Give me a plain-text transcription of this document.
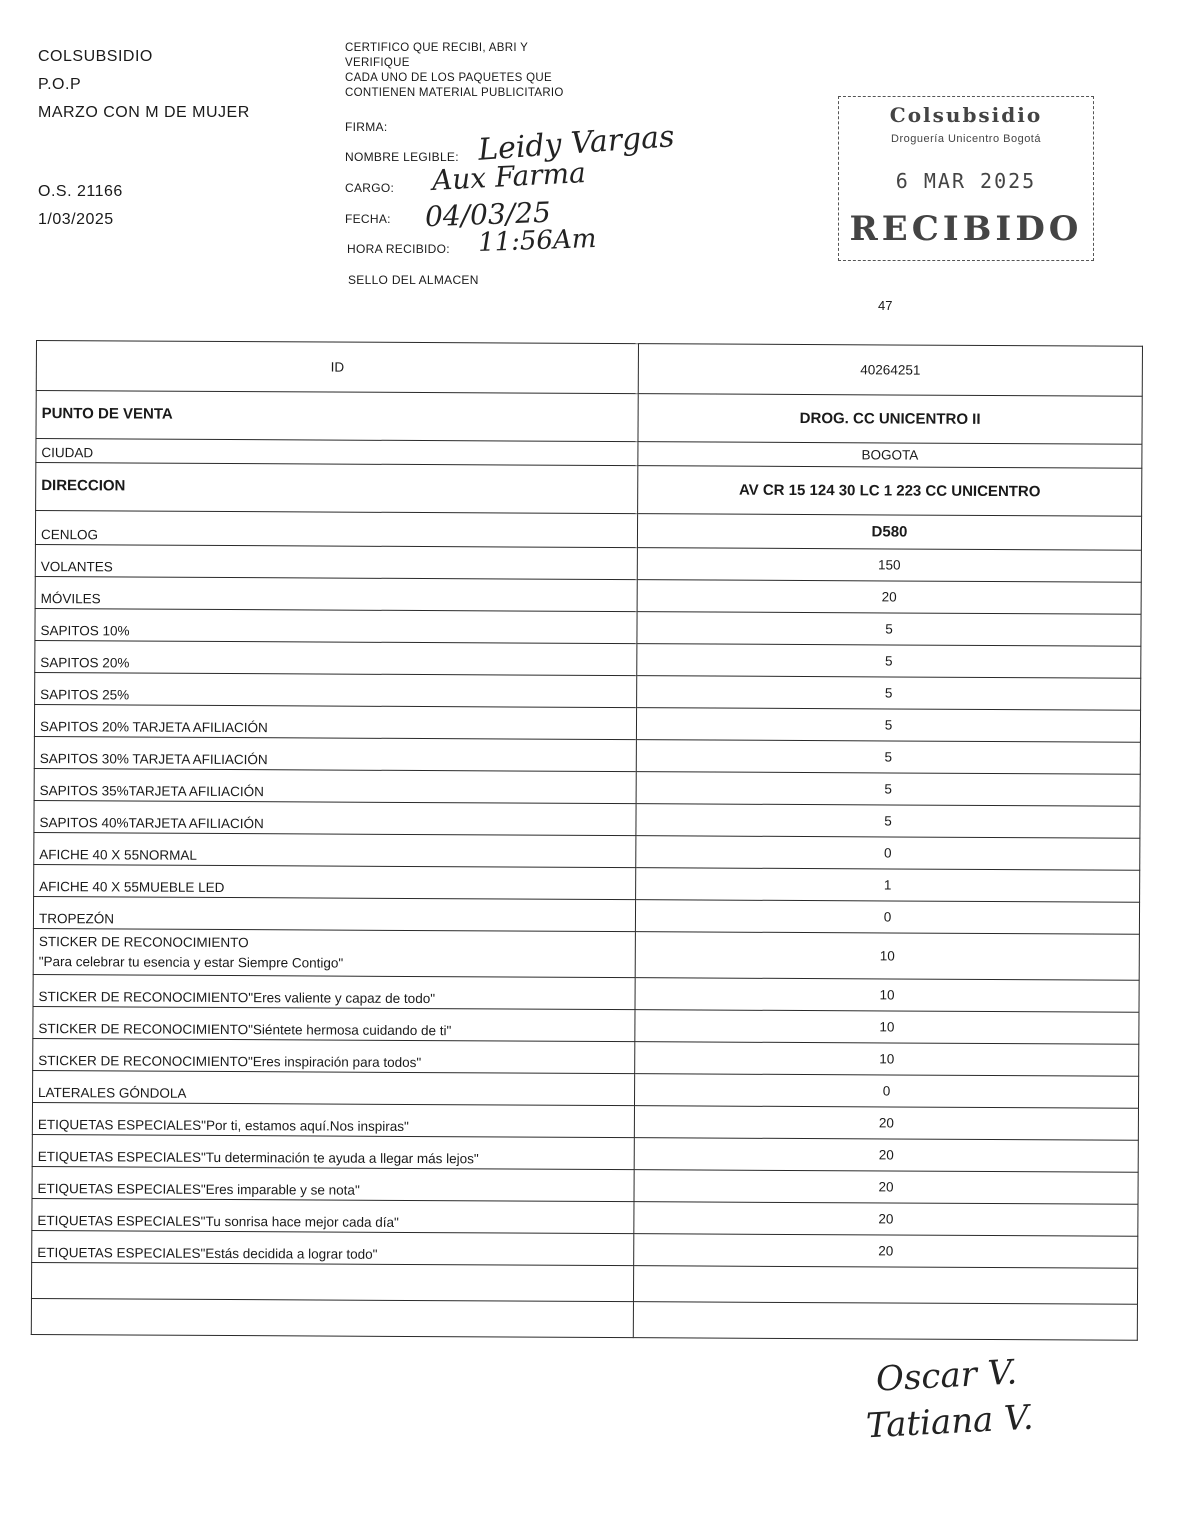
COLSUBSIDIO
P.O.P
MARZO CON M DE MUJER
O.S. 21166
1/03/2025
CERTIFICO QUE RECIBI, ABRI Y
VERIFIQUE
CADA UNO DE LOS PAQUETES QUE
CONTIENEN MATERIAL PUBLICITARIO
FIRMA:
NOMBRE LEGIBLE: Leidy Vargas
CARGO: Aux Farma
FECHA: 04/03/25
HORA RECIBIDO: 11:56Am
SELLO DEL ALMACEN
Colsubsidio
Droguería Unicentro Bogotá
6 MAR 2025
RECIBIDO
47
ID	40264251
PUNTO DE VENTA	DROG. CC UNICENTRO II
CIUDAD	BOGOTA
DIRECCION	AV CR 15 124 30 LC 1 223 CC UNICENTRO
CENLOG	D580
VOLANTES	150
MÓVILES	20
SAPITOS 10%	5
SAPITOS 20%	5
SAPITOS 25%	5
SAPITOS 20% TARJETA AFILIACIÓN	5
SAPITOS 30% TARJETA AFILIACIÓN	5
SAPITOS 35%TARJETA AFILIACIÓN	5
SAPITOS 40%TARJETA AFILIACIÓN	5
AFICHE 40 X 55NORMAL	0
AFICHE 40 X 55MUEBLE LED	1
TROPEZÓN	0

STICKER DE RECONOCIMIENTO
"Para celebrar tu esencia y estar Siempre Contigo"	10
STICKER DE RECONOCIMIENTO"Eres valiente y capaz de todo"	10
STICKER DE RECONOCIMIENTO"Siéntete hermosa cuidando de ti"	10
STICKER DE RECONOCIMIENTO"Eres inspiración para todos"	10
LATERALES GÓNDOLA	0
ETIQUETAS ESPECIALES"Por ti, estamos aquí.Nos inspiras"	20
ETIQUETAS ESPECIALES"Tu determinación te ayuda a llegar más lejos"	20
ETIQUETAS ESPECIALES"Eres imparable y se nota"	20
ETIQUETAS ESPECIALES"Tu sonrisa hace mejor cada día"	20
ETIQUETAS ESPECIALES"Estás decidida a lograr todo"	20

Oscar V.
Tatiana V.
